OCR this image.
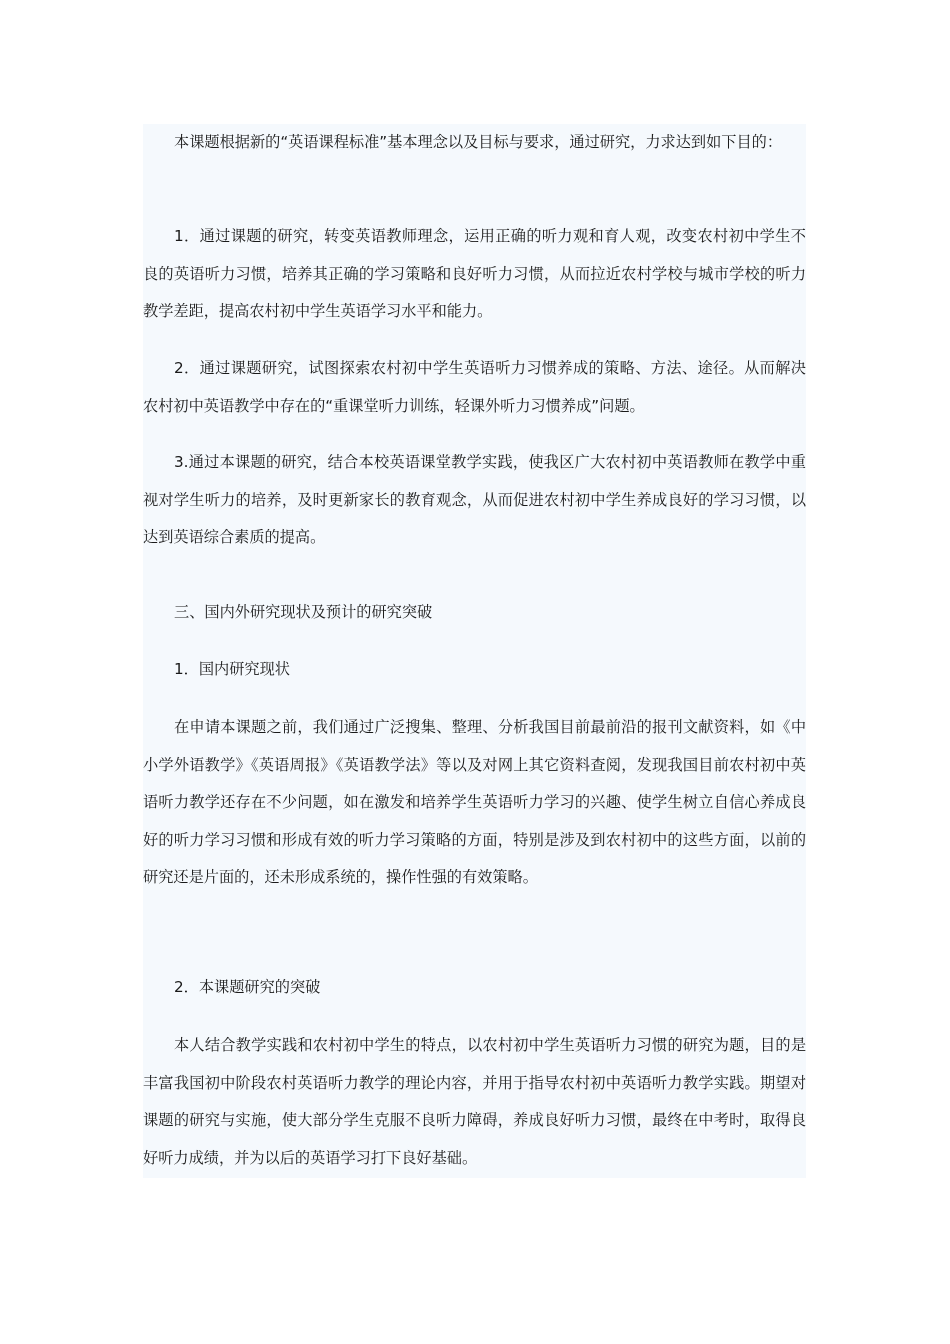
本课题根据新的“英语课程标准”基本理念以及目标与要求，通过研究，力求达到如下目的：

1．通过课题的研究，转变英语教师理念，运用正确的听力观和育人观，改变农村初中学生不良的英语听力习惯，培养其正确的学习策略和良好听力习惯，从而拉近农村学校与城市学校的听力教学差距，提高农村初中学生英语学习水平和能力。

2．通过课题研究，试图探索农村初中学生英语听力习惯养成的策略、方法、途径。从而解决农村初中英语教学中存在的“重课堂听力训练，轻课外听力习惯养成”问题。

3.通过本课题的研究，结合本校英语课堂教学实践，使我区广大农村初中英语教师在教学中重视对学生听力的培养，及时更新家长的教育观念，从而促进农村初中学生养成良好的学习习惯，以达到英语综合素质的提高。

三、国内外研究现状及预计的研究突破

1．国内研究现状

在申请本课题之前，我们通过广泛搜集、整理、分析我国目前最前沿的报刊文献资料，如《中小学外语教学》《英语周报》《英语教学法》等以及对网上其它资料查阅，发现我国目前农村初中英语听力教学还存在不少问题，如在激发和培养学生英语听力学习的兴趣、使学生树立自信心养成良好的听力学习习惯和形成有效的听力学习策略的方面，特别是涉及到农村初中的这些方面，以前的研究还是片面的，还未形成系统的，操作性强的有效策略。

2．本课题研究的突破

本人结合教学实践和农村初中学生的特点，以农村初中学生英语听力习惯的研究为题，目的是丰富我国初中阶段农村英语听力教学的理论内容，并用于指导农村初中英语听力教学实践。期望对课题的研究与实施，使大部分学生克服不良听力障碍，养成良好听力习惯，最终在中考时，取得良好听力成绩，并为以后的英语学习打下良好基础。
